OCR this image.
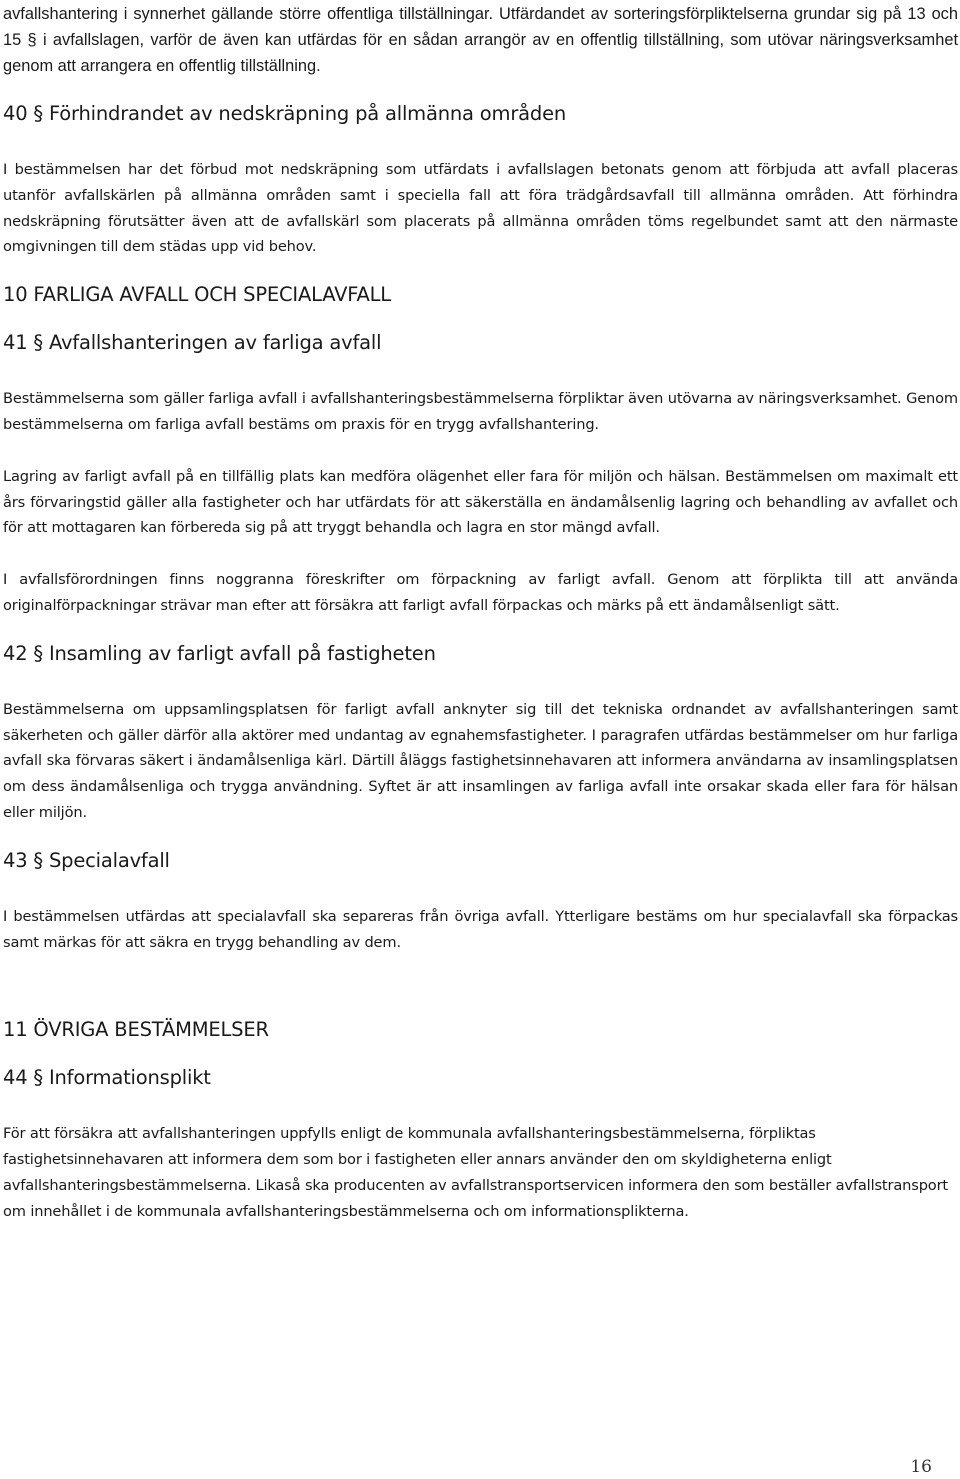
avfallshantering i synnerhet gällande större offentliga tillställningar. Utfärdandet av sorteringsförpliktelserna grundar sig på 13 och 15 § i avfallslagen, varför de även kan utfärdas för en sådan arrangör av en offentlig tillställning, som utövar näringsverksamhet genom att arrangera en offentlig tillställning.

40 § Förhindrandet av nedskräpning på allmänna områden

I bestämmelsen har det förbud mot nedskräpning som utfärdats i avfallslagen betonats genom att förbjuda att avfall placeras utanför avfallskärlen på allmänna områden samt i speciella fall att föra trädgårdsavfall till allmänna områden. Att förhindra nedskräpning förutsätter även att de avfallskärl som placerats på allmänna områden töms regelbundet samt att den närmaste omgivningen till dem städas upp vid behov.

10 FARLIGA AVFALL OCH SPECIALAVFALL
41 § Avfallshanteringen av farliga avfall

Bestämmelserna som gäller farliga avfall i avfallshanteringsbestämmelserna förpliktar även utövarna av näringsverksamhet. Genom bestämmelserna om farliga avfall bestäms om praxis för en trygg avfallshantering.

Lagring av farligt avfall på en tillfällig plats kan medföra olägenhet eller fara för miljön och hälsan. Bestämmelsen om maximalt ett års förvaringstid gäller alla fastigheter och har utfärdats för att säkerställa en ändamålsenlig lagring och behandling av avfallet och för att mottagaren kan förbereda sig på att tryggt behandla och lagra en stor mängd avfall.

I avfallsförordningen finns noggranna föreskrifter om förpackning av farligt avfall. Genom att förplikta till att använda originalförpackningar strävar man efter att försäkra att farligt avfall förpackas och märks på ett ändamålsenligt sätt.

42 § Insamling av farligt avfall på fastigheten

Bestämmelserna om uppsamlingsplatsen för farligt avfall anknyter sig till det tekniska ordnandet av avfallshanteringen samt säkerheten och gäller därför alla aktörer med undantag av egnahemsfastigheter. I paragrafen utfärdas bestämmelser om hur farliga avfall ska förvaras säkert i ändamålsenliga kärl. Därtill åläggs fastighetsinnehavaren att informera användarna av insamlingsplatsen om dess ändamålsenliga och trygga användning. Syftet är att insamlingen av farliga avfall inte orsakar skada eller fara för hälsan eller miljön.

43 § Specialavfall

I bestämmelsen utfärdas att specialavfall ska separeras från övriga avfall. Ytterligare bestäms om hur specialavfall ska förpackas samt märkas för att säkra en trygg behandling av dem.

11 ÖVRIGA BESTÄMMELSER
44 § Informationsplikt

För att försäkra att avfallshanteringen uppfylls enligt de kommunala avfallshanteringsbestämmelserna, förpliktas fastighetsinnehavaren att informera dem som bor i fastigheten eller annars använder den om skyldigheterna enligt avfallshanteringsbestämmelserna. Likaså ska producenten av avfallstransportservicen informera den som beställer avfallstransport om innehållet i de kommunala avfallshanteringsbestämmelserna och om informationsplikterna.

16
